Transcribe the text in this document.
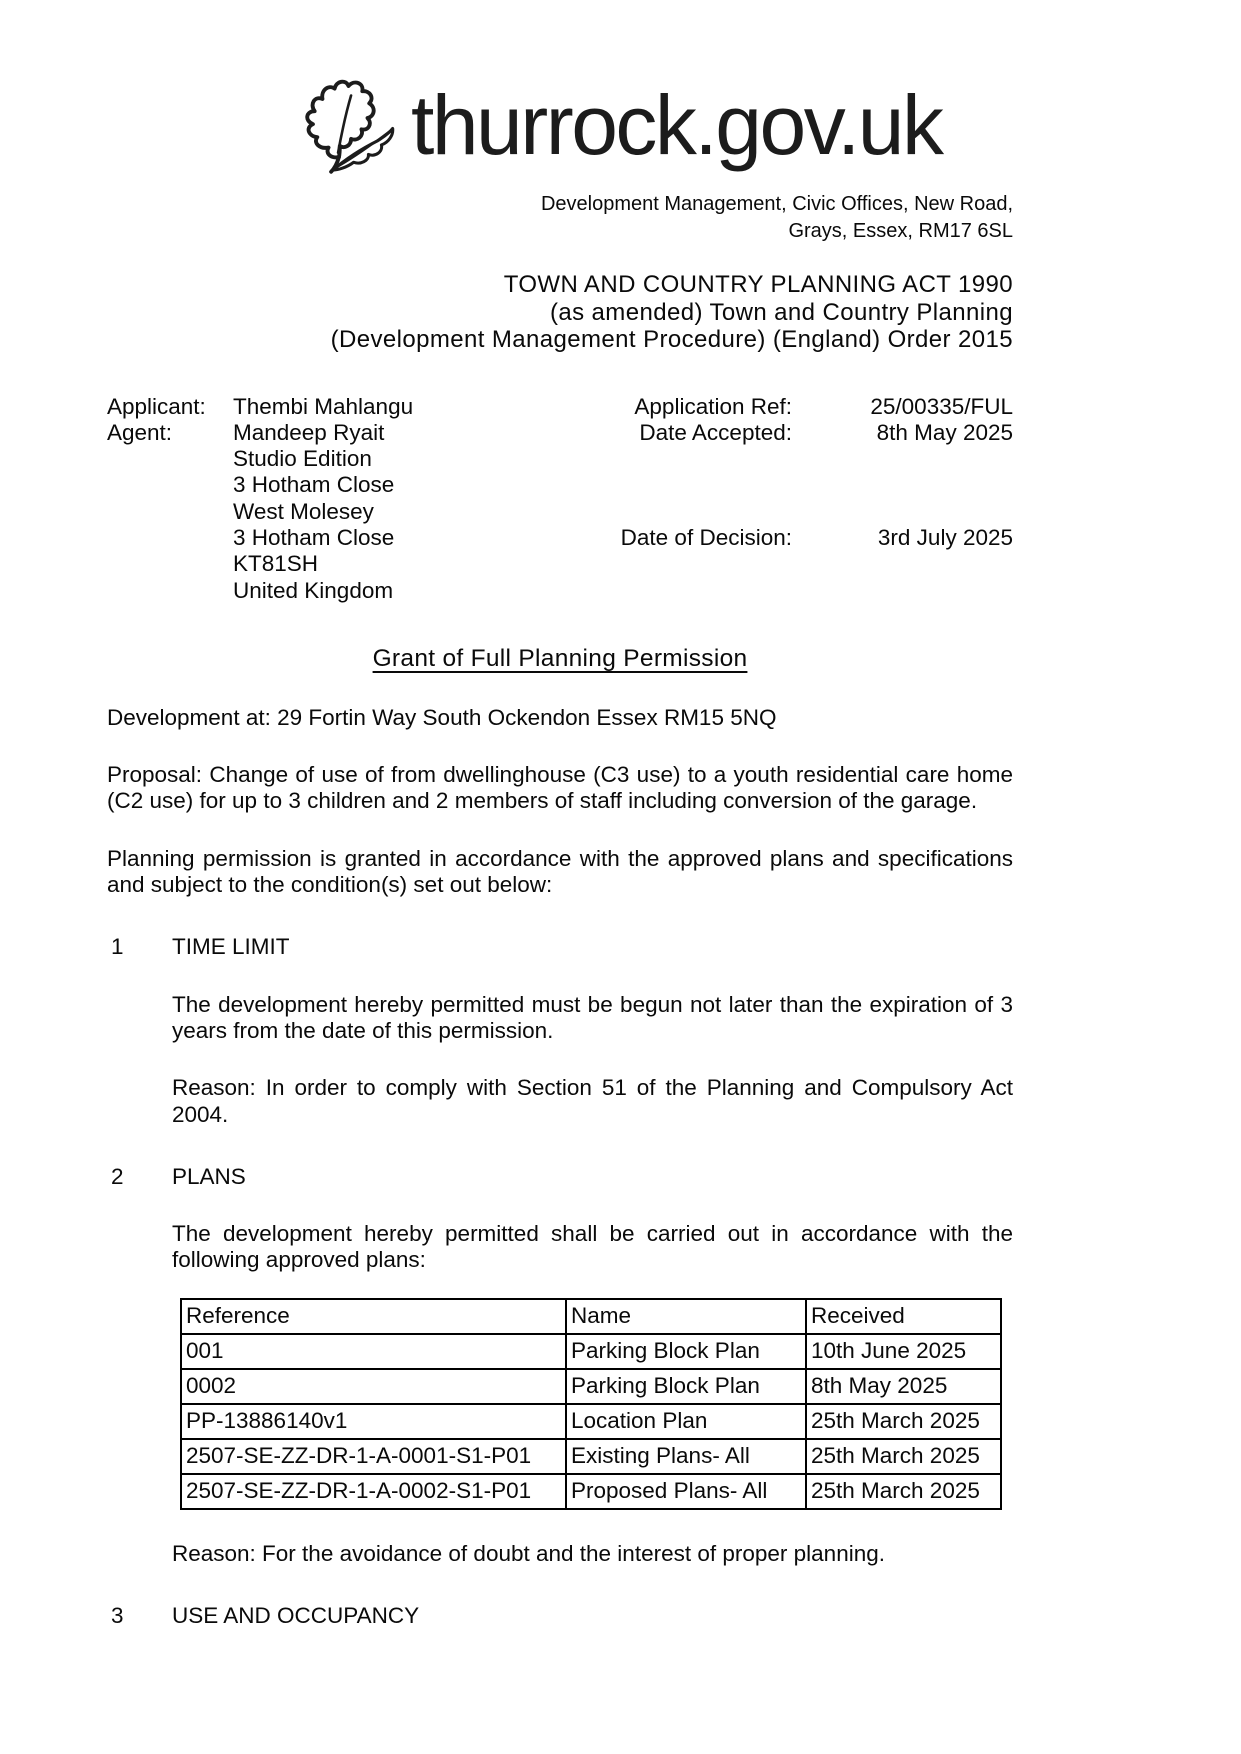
thurrock.gov.uk
Development Management, Civic Offices, New Road,
Grays, Essex, RM17 6SL
TOWN AND COUNTRY PLANNING ACT 1990
(as amended) Town and Country Planning
(Development Management Procedure) (England) Order 2015
Applicant: Thembi Mahlangu
Agent:	Mandeep Ryait
Studio Edition
3 Hotham Close
West Molesey
3 Hotham Close
KT81SH
United Kingdom
Application Ref:	25/00335/FUL
Date Accepted:	8th May 2025

Date of Decision:	3rd July 2025
Grant of Full Planning Permission
Development at: 29 Fortin Way South Ockendon Essex RM15 5NQ
Proposal: Change of use of from dwellinghouse (C3 use) to a youth residential care home (C2 use) for up to 3 children and 2 members of staff including conversion of the garage.
Planning permission is granted in accordance with the approved plans and specifications and subject to the condition(s) set out below:
1	TIME LIMIT

The development hereby permitted must be begun not later than the expiration of 3 years from the date of this permission.

Reason: In order to comply with Section 51 of the Planning and Compulsory Act 2004.

2	PLANS

The development hereby permitted shall be carried out in accordance with the following approved plans:

Reference	Name	Received
001	Parking Block Plan	10th June 2025
0002	Parking Block Plan	8th May 2025
PP-13886140v1	Location Plan	25th March 2025
2507-SE-ZZ-DR-1-A-0001-S1-P01	Existing Plans- All	25th March 2025
2507-SE-ZZ-DR-1-A-0002-S1-P01	Proposed Plans- All	25th March 2025

Reason: For the avoidance of doubt and the interest of proper planning.

3	USE AND OCCUPANCY
